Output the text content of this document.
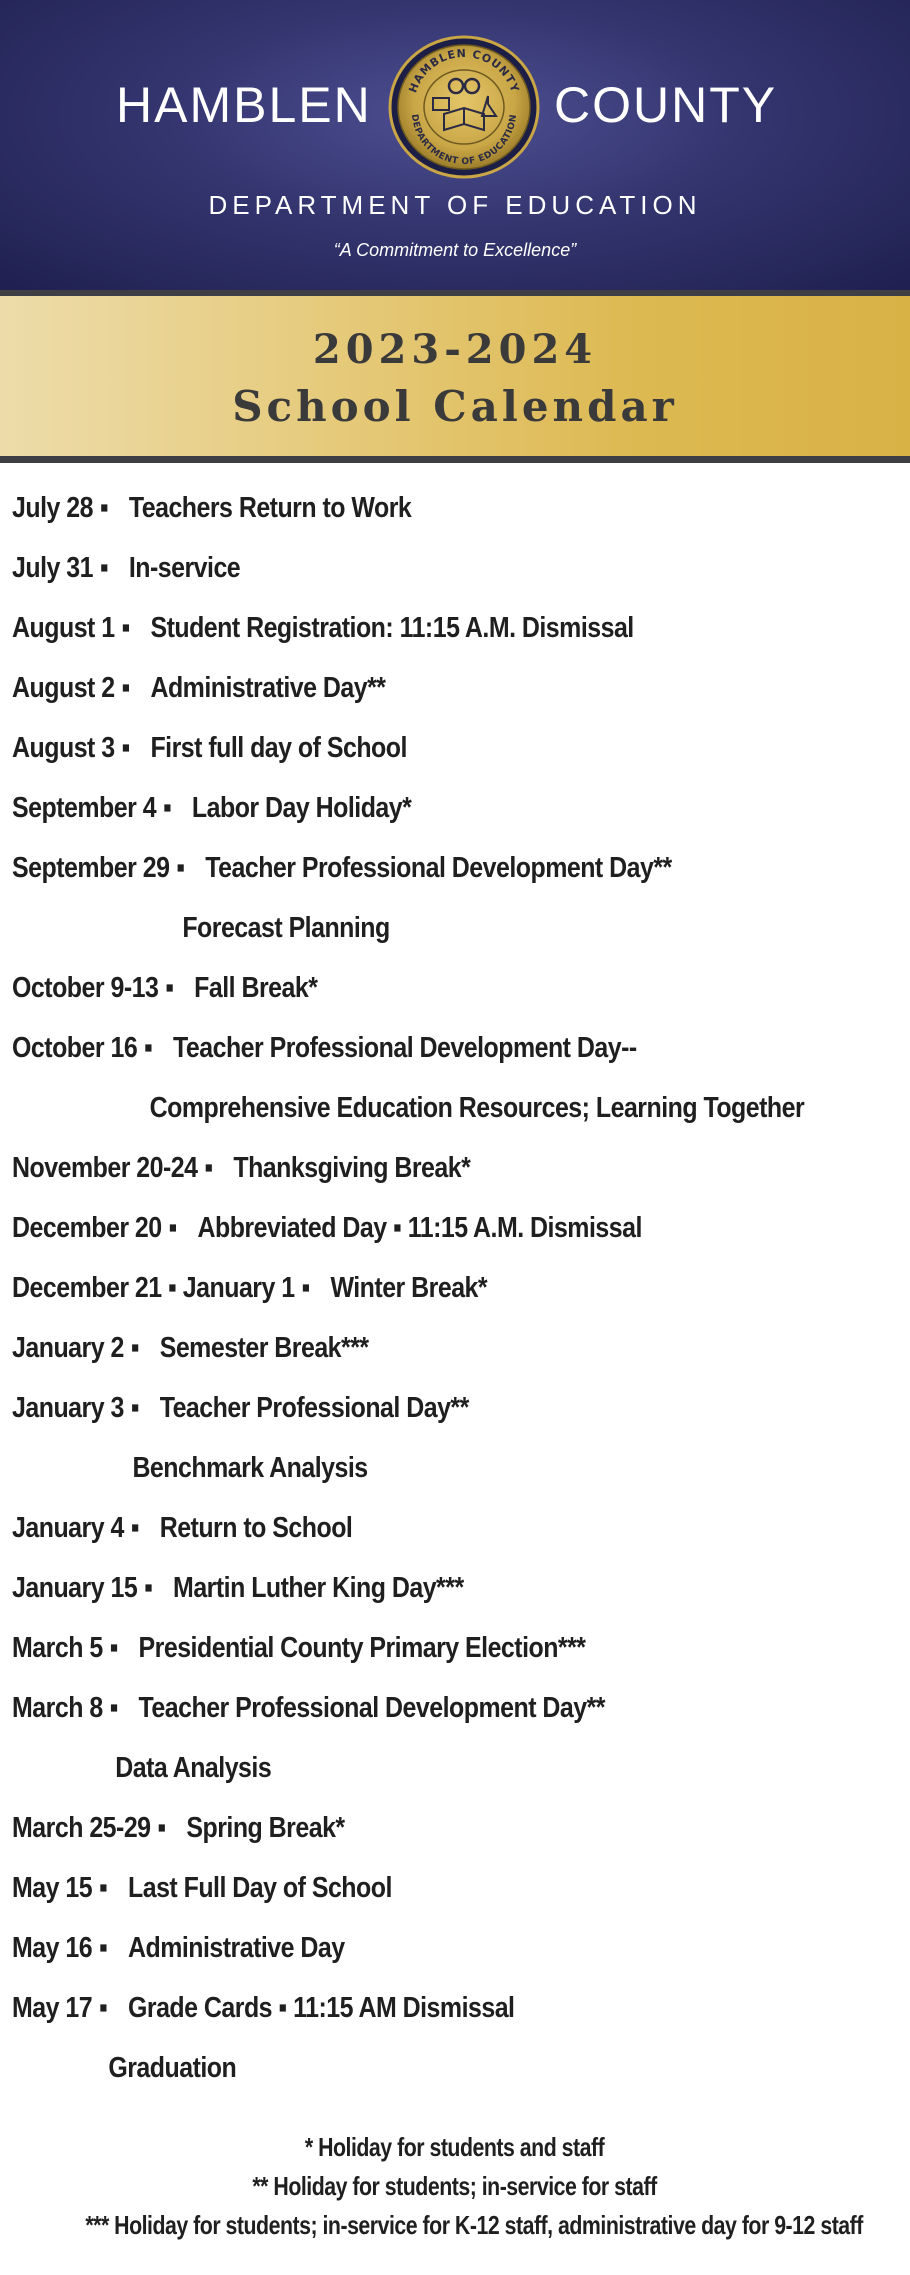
HAMBLEN	HAMBLEN COUNTY
DEPARTMENT OF EDUCATION COUNTY
DEPARTMENT OF EDUCATION
“A Commitment to Excellence”
2023-2024
School Calendar
July 28 ▪ Teachers Return to Work
July 31 ▪ In-service
August 1 ▪ Student Registration: 11:15 A.M. Dismissal
August 2 ▪ Administrative Day**
August 3 ▪ First full day of School
September 4 ▪ Labor Day Holiday*
September 29 ▪ Teacher Professional Development Day**
Forecast Planning
October 9-13 ▪ Fall Break*
October 16 ▪ Teacher Professional Development Day--
Comprehensive Education Resources; Learning Together
November 20-24 ▪ Thanksgiving Break*
December 20 ▪ Abbreviated Day ▪ 11:15 A.M. Dismissal
December 21 ▪ January 1 ▪ Winter Break*
January 2 ▪ Semester Break***
January 3 ▪ Teacher Professional Day**
Benchmark Analysis
January 4 ▪ Return to School
January 15 ▪ Martin Luther King Day***
March 5 ▪ Presidential County Primary Election***
March 8 ▪ Teacher Professional Development Day**
Data Analysis
March 25-29 ▪ Spring Break*
May 15 ▪ Last Full Day of School
May 16 ▪ Administrative Day
May 17 ▪ Grade Cards ▪ 11:15 AM Dismissal
Graduation
* Holiday for students and staff
** Holiday for students; in-service for staff
*** Holiday for students; in-service for K-12 staff, administrative day for 9-12 staff
